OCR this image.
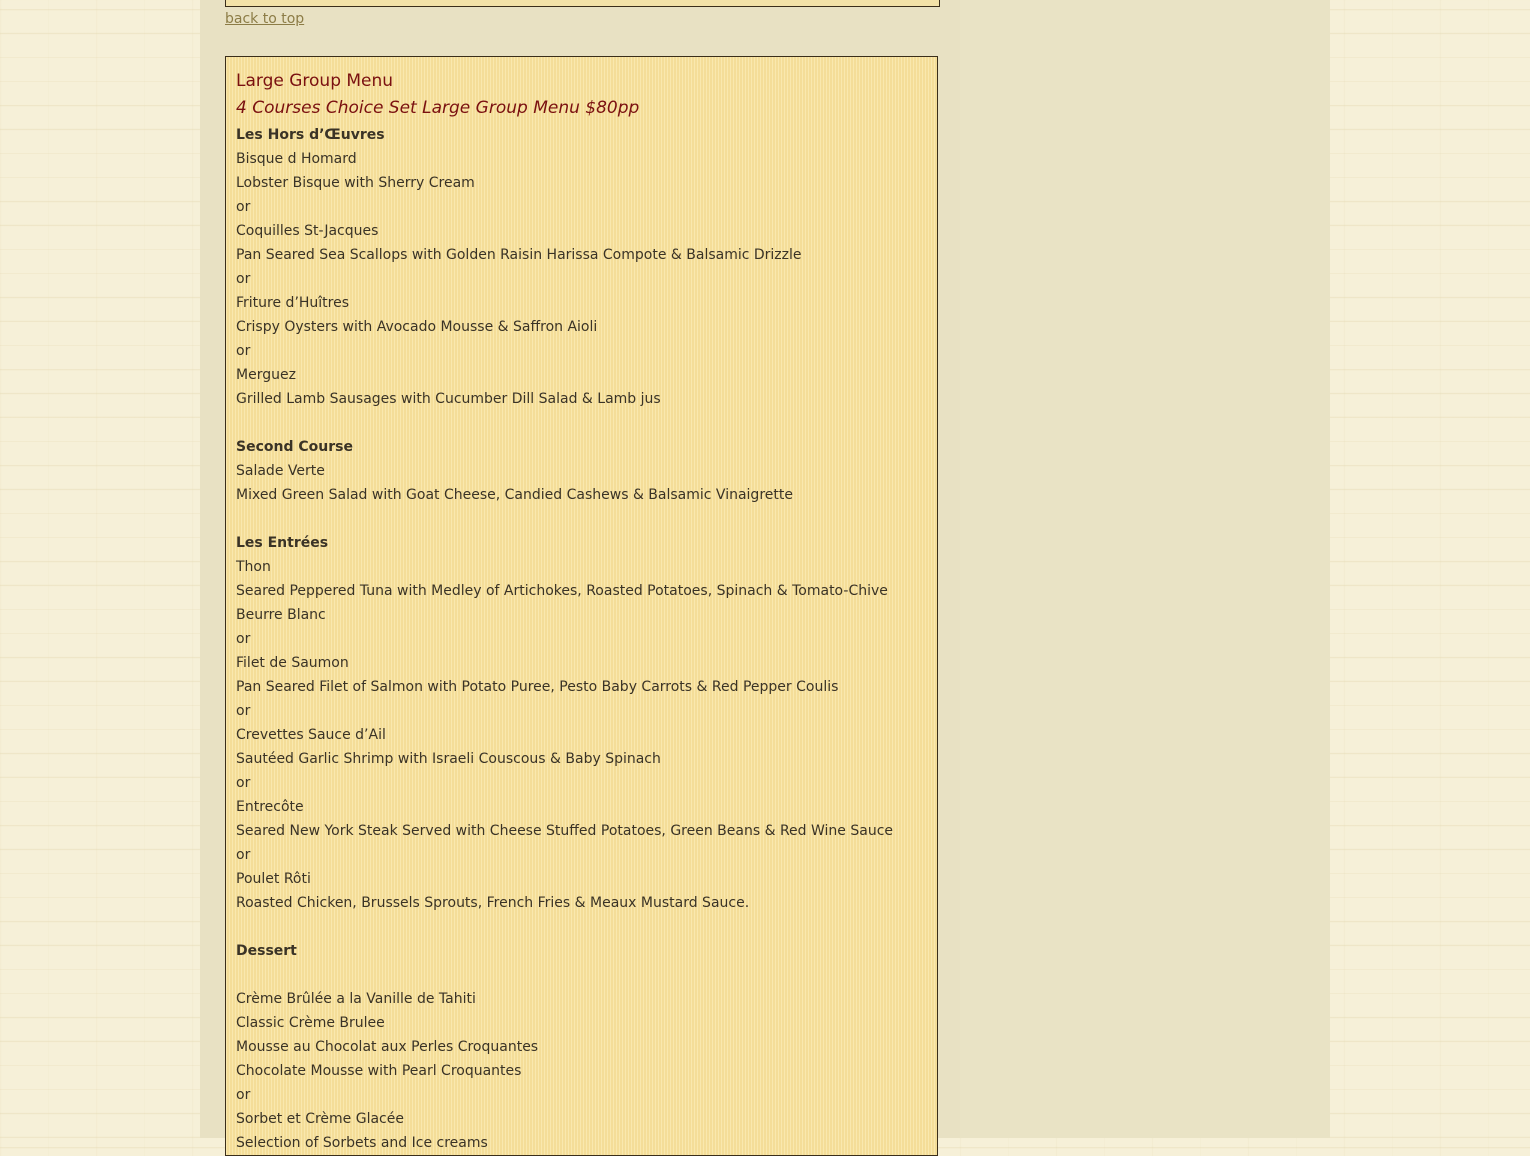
back to top
Large Group Menu
4 Courses Choice Set Large Group Menu $80pp
Les Hors d’Œuvres
Bisque d Homard
Lobster Bisque with Sherry Cream
or
Coquilles St-Jacques
Pan Seared Sea Scallops with Golden Raisin Harissa Compote & Balsamic Drizzle
or
Friture d’Huîtres
Crispy Oysters with Avocado Mousse & Saffron Aioli
or
Merguez
Grilled Lamb Sausages with Cucumber Dill Salad & Lamb jus
Second Course
Salade Verte
Mixed Green Salad with Goat Cheese, Candied Cashews & Balsamic Vinaigrette
Les Entrées
Thon
Seared Peppered Tuna with Medley of Artichokes, Roasted Potatoes, Spinach & Tomato-Chive Beurre Blanc
or
Filet de Saumon
Pan Seared Filet of Salmon with Potato Puree, Pesto Baby Carrots & Red Pepper Coulis
or
Crevettes Sauce d’Ail
Sautéed Garlic Shrimp with Israeli Couscous & Baby Spinach
or
Entrecôte
Seared New York Steak Served with Cheese Stuffed Potatoes, Green Beans & Red Wine Sauce
or
Poulet Rôti
Roasted Chicken, Brussels Sprouts, French Fries & Meaux Mustard Sauce.
Dessert
Crème Brûlée a la Vanille de Tahiti
Classic Crème Brulee
Mousse au Chocolat aux Perles Croquantes
Chocolate Mousse with Pearl Croquantes
or
Sorbet et Crème Glacée
Selection of Sorbets and Ice creams
